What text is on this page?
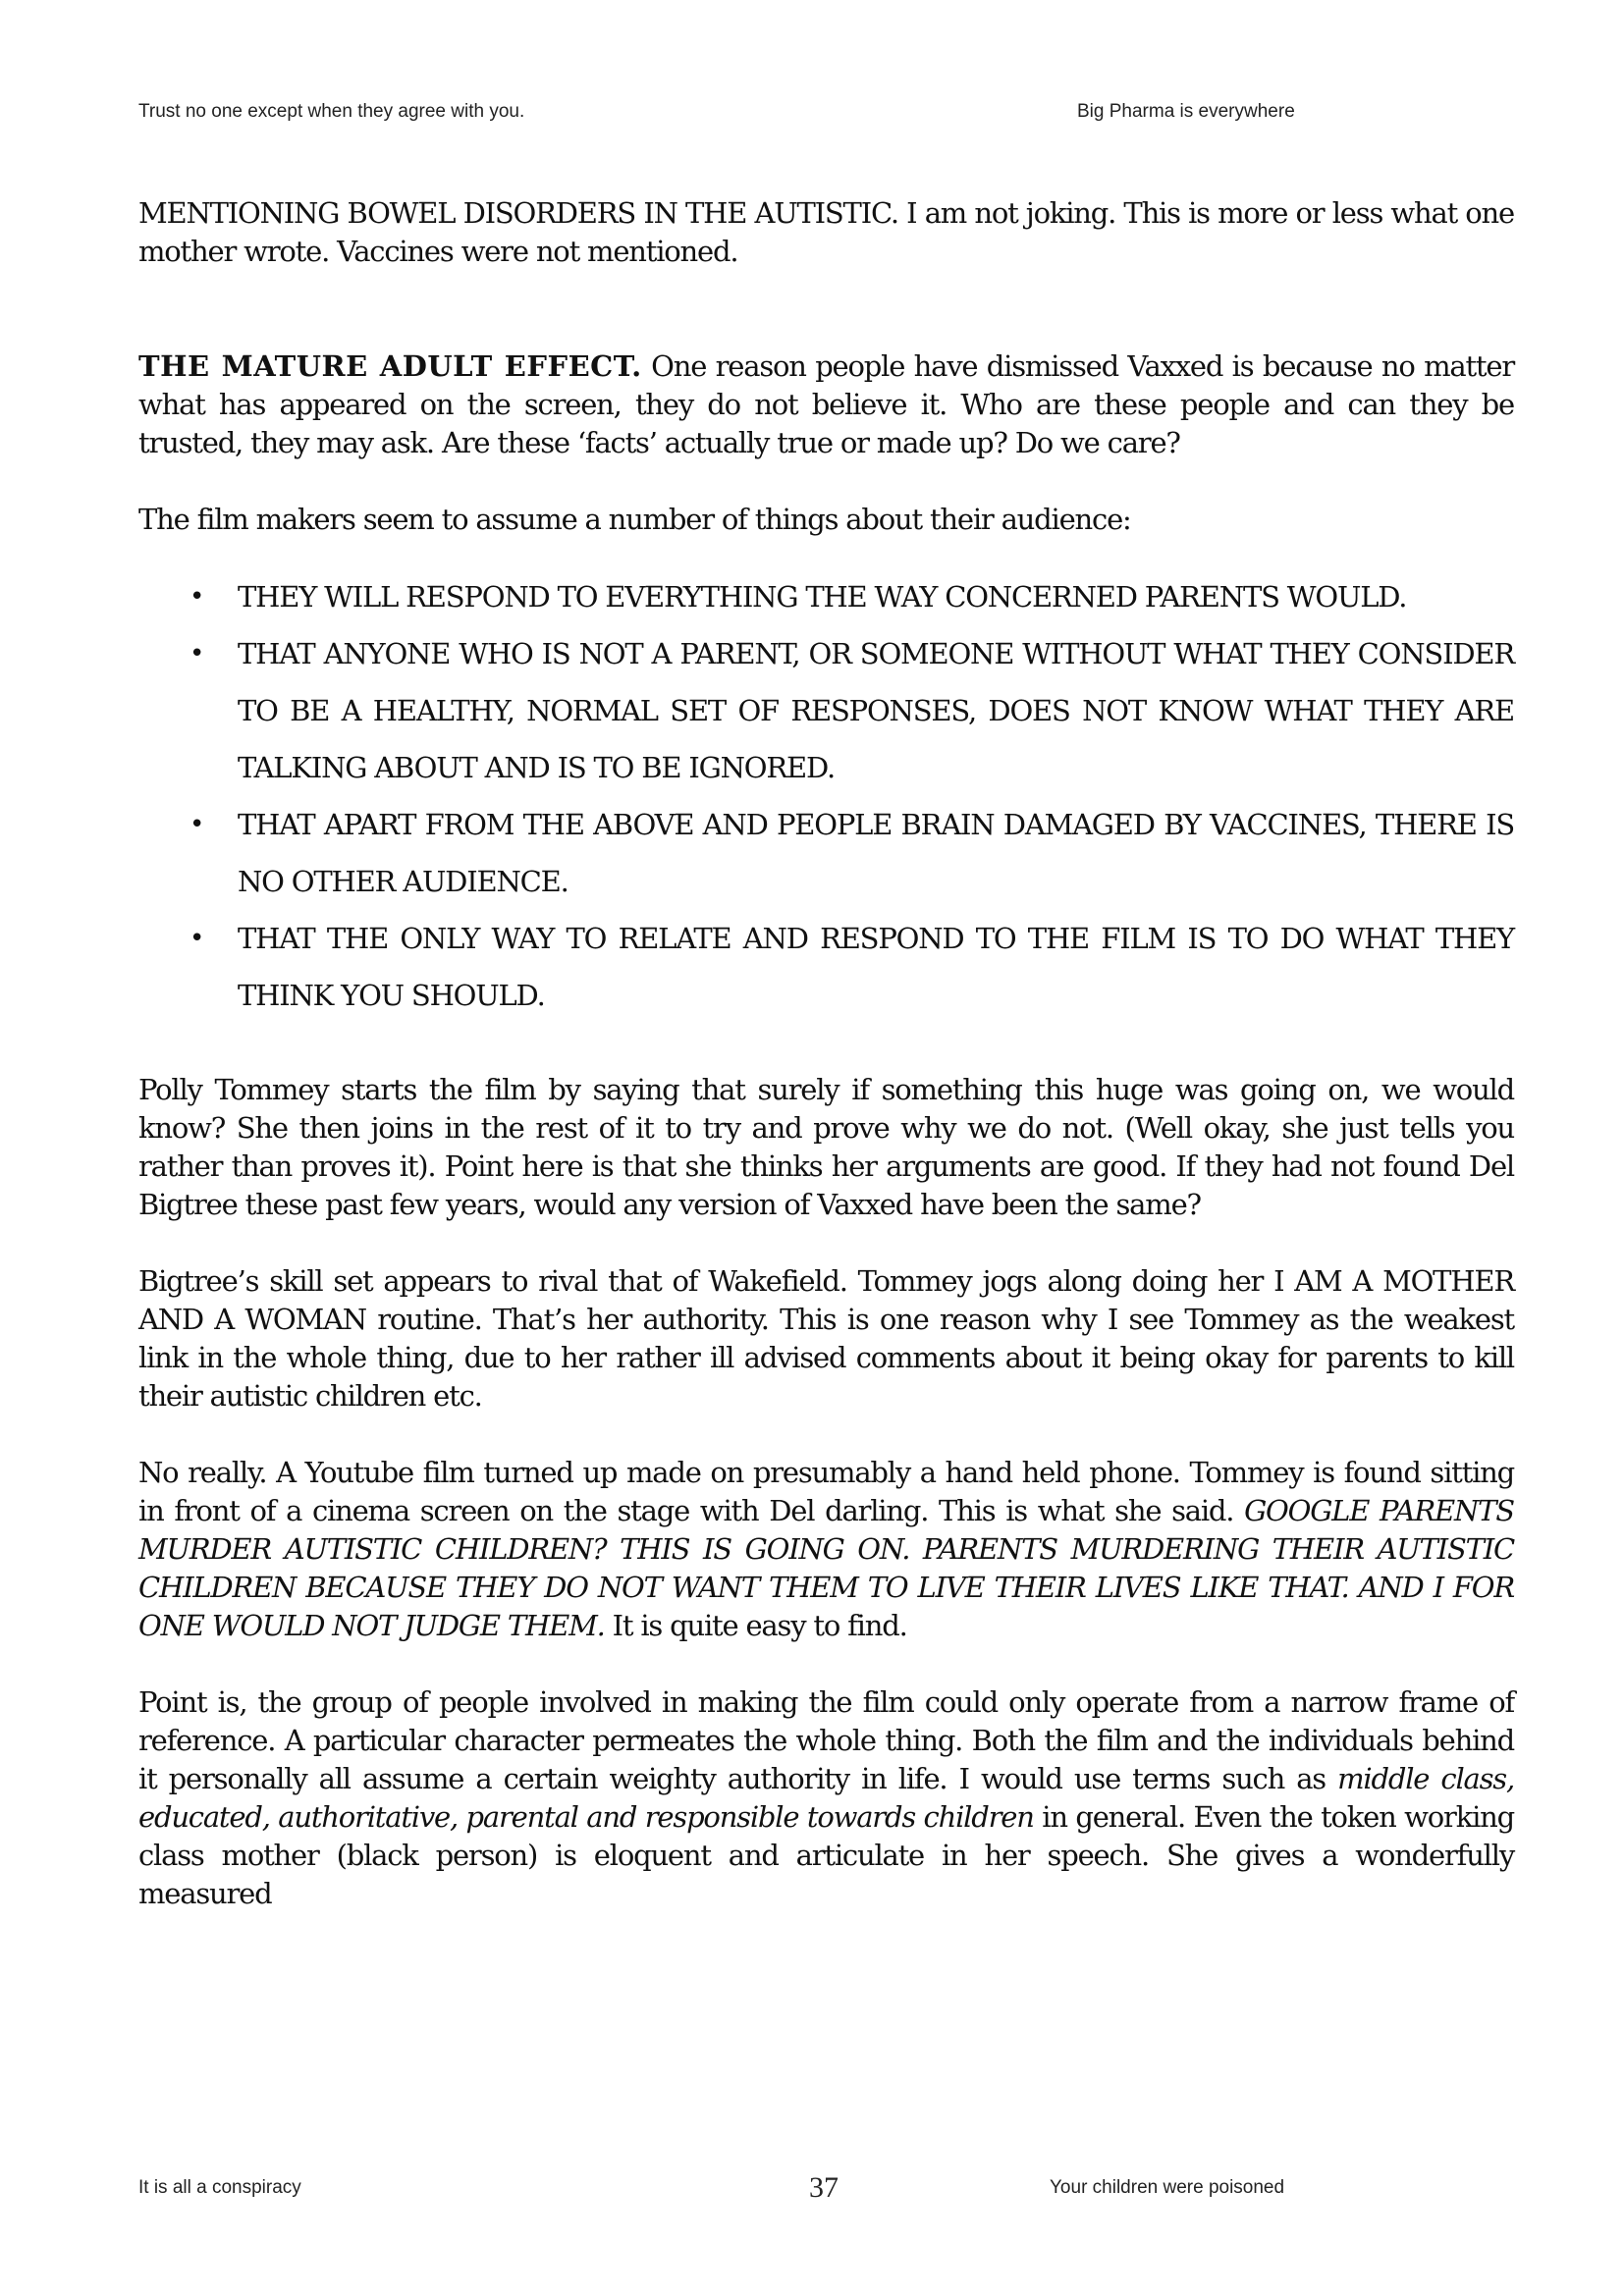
Trust no one except when they agree with you.	Big Pharma is everywhere

MENTIONING BOWEL DISORDERS IN THE AUTISTIC. I am not joking. This is more or less what one mother wrote. Vaccines were not mentioned.

THE MATURE ADULT EFFECT. One reason people have dismissed Vaxxed is because no matter what has appeared on the screen, they do not believe it. Who are these people and can they be trusted, they may ask. Are these ‘facts’ actually true or made up? Do we care?

The film makers seem to assume a number of things about their audience:

• THEY WILL RESPOND TO EVERYTHING THE WAY CONCERNED PARENTS WOULD.
• THAT ANYONE WHO IS NOT A PARENT, OR SOMEONE WITHOUT WHAT THEY CONSIDER TO BE A HEALTHY, NORMAL SET OF RESPONSES, DOES NOT KNOW WHAT THEY ARE TALKING ABOUT AND IS TO BE IGNORED.
• THAT APART FROM THE ABOVE AND PEOPLE BRAIN DAMAGED BY VACCINES, THERE IS NO OTHER AUDIENCE.
• THAT THE ONLY WAY TO RELATE AND RESPOND TO THE FILM IS TO DO WHAT THEY THINK YOU SHOULD.

Polly Tommey starts the film by saying that surely if something this huge was going on, we would know? She then joins in the rest of it to try and prove why we do not. (Well okay, she just tells you rather than proves it). Point here is that she thinks her arguments are good. If they had not found Del Bigtree these past few years, would any version of Vaxxed have been the same?

Bigtree’s skill set appears to rival that of Wakefield. Tommey jogs along doing her I AM A MOTHER AND A WOMAN routine. That’s her authority. This is one reason why I see Tommey as the weakest link in the whole thing, due to her rather ill advised comments about it being okay for parents to kill their autistic children etc.

No really. A Youtube film turned up made on presumably a hand held phone. Tommey is found sitting in front of a cinema screen on the stage with Del darling. This is what she said. GOOGLE PARENTS MURDER AUTISTIC CHILDREN? THIS IS GOING ON. PARENTS MURDERING THEIR AUTISTIC CHILDREN BECAUSE THEY DO NOT WANT THEM TO LIVE THEIR LIVES LIKE THAT. AND I FOR ONE WOULD NOT JUDGE THEM. It is quite easy to find.

Point is, the group of people involved in making the film could only operate from a narrow frame of reference. A particular character permeates the whole thing. Both the film and the individuals behind it personally all assume a certain weighty authority in life. I would use terms such as middle class, educated, authoritative, parental and responsible towards children in general. Even the token working class mother (black person) is eloquent and articulate in her speech. She gives a wonderfully measured

It is all a conspiracy	37	Your children were poisoned
